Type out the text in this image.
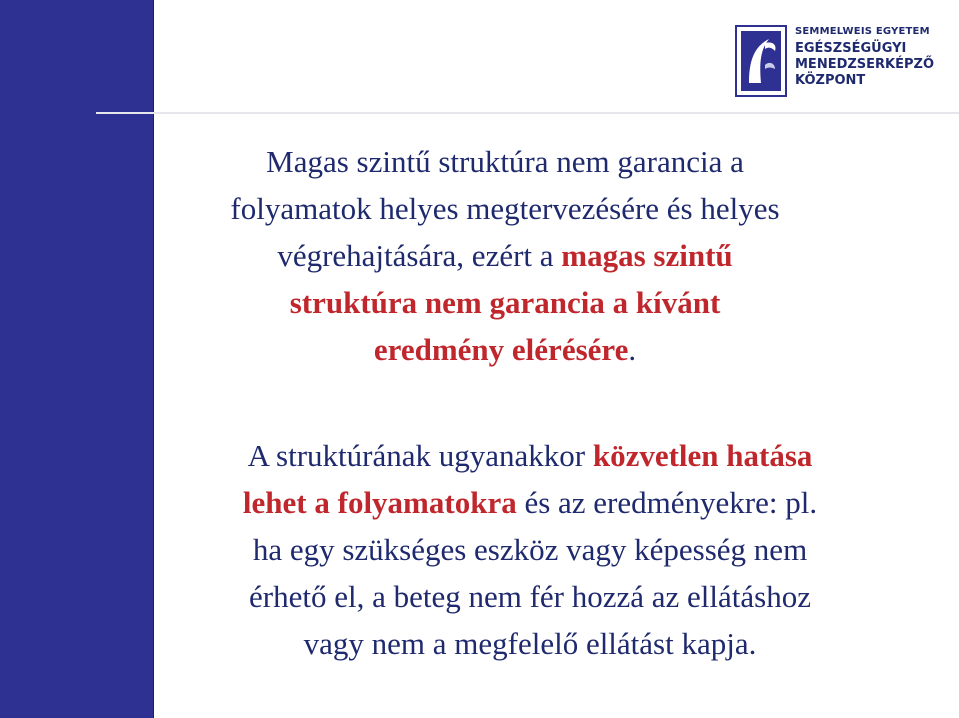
SEMMELWEIS EGYETEM
EGÉSZSÉGÜGYI
MENEDZSERKÉPZŐ
KÖZPONT
Magas szintű struktúra nem garancia a
folyamatok helyes megtervezésére és helyes
végrehajtására, ezért a magas szintű
struktúra nem garancia a kívánt
eredmény elérésére.
A struktúrának ugyanakkor közvetlen hatása
lehet a folyamatokra és az eredményekre: pl.
ha egy szükséges eszköz vagy képesség nem
érhető el, a beteg nem fér hozzá az ellátáshoz
vagy nem a megfelelő ellátást kapja.
